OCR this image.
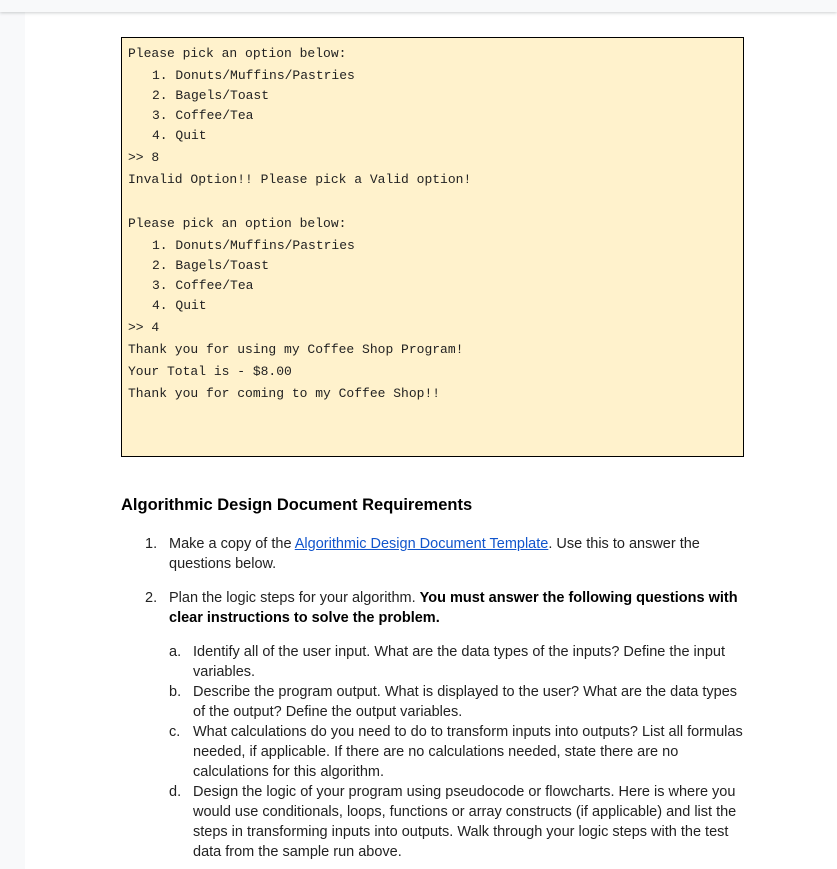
Please pick an option below:
1. Donuts/Muffins/Pastries
2. Bagels/Toast
3. Coffee/Tea
4. Quit
>> 8
Invalid Option!! Please pick a Valid option!
Please pick an option below:
1. Donuts/Muffins/Pastries
2. Bagels/Toast
3. Coffee/Tea
4. Quit
>> 4
Thank you for using my Coffee Shop Program!
Your Total is - $8.00
Thank you for coming to my Coffee Shop!!
Algorithmic Design Document Requirements
1. Make a copy of the Algorithmic Design Document Template. Use this to answer the questions below.
2. Plan the logic steps for your algorithm. You must answer the following questions with clear instructions to solve the problem.
a. Identify all of the user input. What are the data types of the inputs? Define the input variables.
b. Describe the program output. What is displayed to the user? What are the data types of the output? Define the output variables.
c. What calculations do you need to do to transform inputs into outputs? List all formulas needed, if applicable. If there are no calculations needed, state there are no calculations for this algorithm.
d. Design the logic of your program using pseudocode or flowcharts. Here is where you would use conditionals, loops, functions or array constructs (if applicable) and list the steps in transforming inputs into outputs. Walk through your logic steps with the test data from the sample run above.
